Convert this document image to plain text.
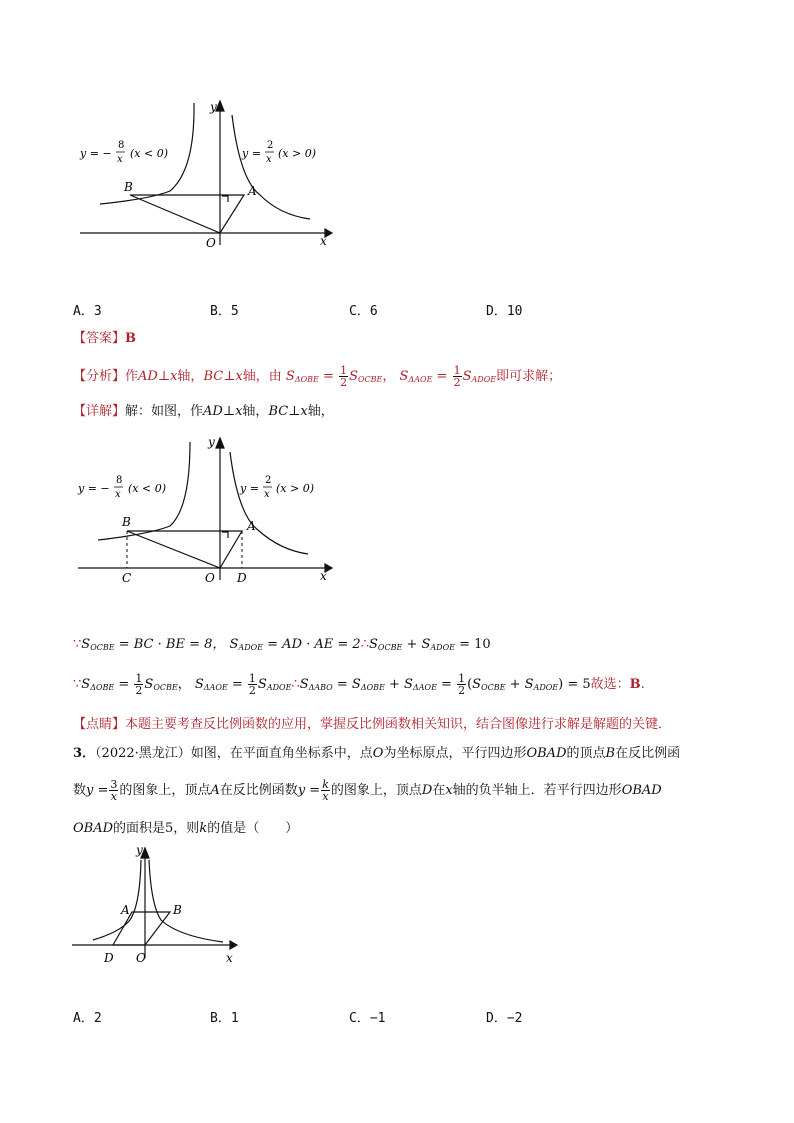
y
x
O
B	A
y = −
8
x (x < 0)	y =
2
x (x > 0)
A．3	B．5	C．6	D．10
【答案】B
【分析】作AD⊥x轴，BC⊥x轴，由 $S_{\Delta OBE} = \frac{1}{2} S_{OCBE}$， $S_{\Delta AOE} = \frac{1}{2} S_{ADOE}$即可求解；
【详解】解：如图，作AD⊥x轴，BC⊥x轴，
y
x
O
B	A
C	D
y = −
8
x (x < 0)	y =
2
x (x > 0)
$\because S_{OCBE}$ = BC · BE = 8， $S_{ADOE}$ = AD · AE = $2\therefore S_{OCBE} + S_{ADOE} = 10$
$\because S_{\Delta OBE} = \frac{1}{2} S_{OCBE}$， $S_{\Delta AOE} = \frac{1}{2}$ $S_{ADOE}\therefore S_{\Delta ABO} = S_{\Delta OBE} + S_{\Delta AOE} = \frac{1}{2} (S_{OCBE} + S_{ADOE}) = 5$故选：B.
【点睛】本题主要考查反比例函数的应用，掌握反比例函数相关知识，结合图像进行求解是解题的关键．
3．（2022·黑龙江）如图，在平面直角坐标系中，点O为坐标原点，平行四边形OBAD的顶点B在反比例函
数$y = \frac{3}{x}$ 的图象上，顶点A在反比例函数$y = \frac{k}{x}$ 的图象上，顶点D在x轴的负半轴上．若平行四边形OBAD
OBAD的面积是5，则k的值是（　　）
y
x
O
A	B
D
A．2	B．1	C．−1	D．−2
